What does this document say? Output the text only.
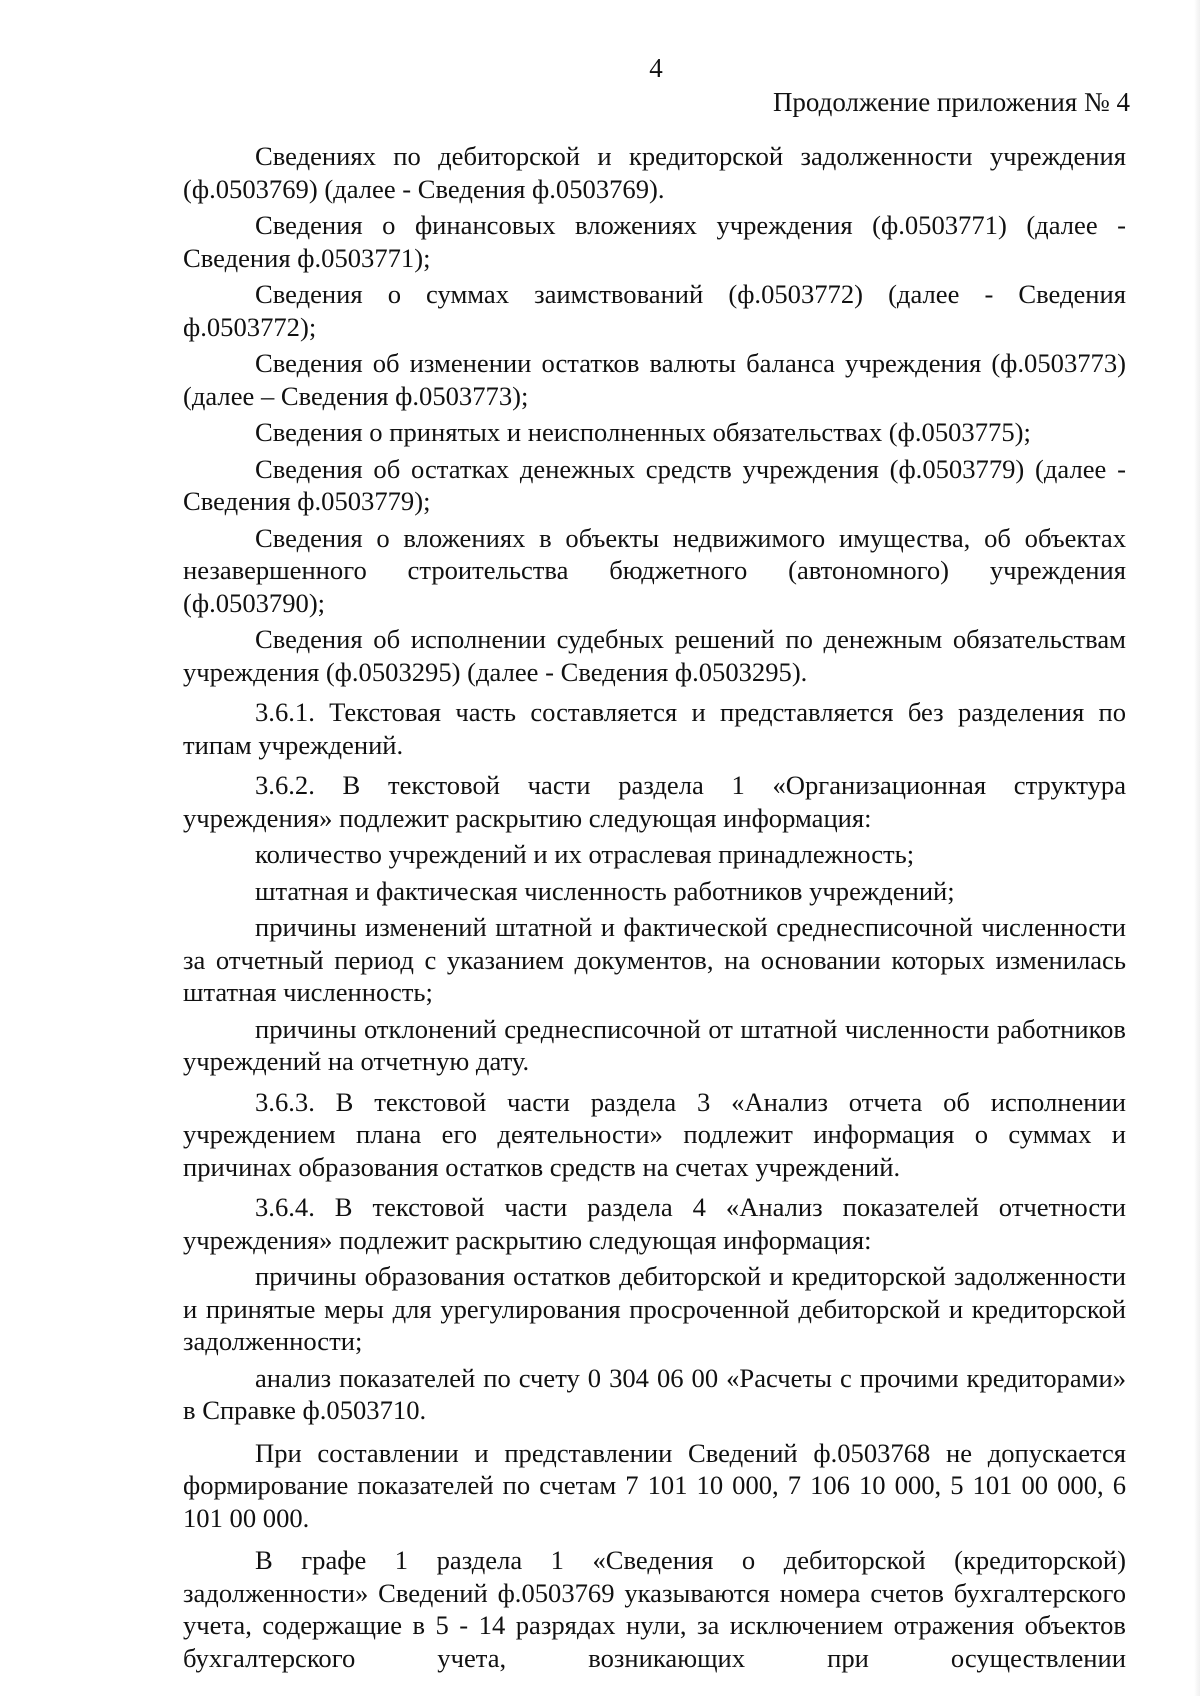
4
Продолжение приложения № 4

Сведениях по дебиторской и кредиторской задолженности учреждения (ф.0503769) (далее - Сведения ф.0503769).

Сведения о финансовых вложениях учреждения (ф.0503771) (далее - Сведения ф.0503771);

Сведения о суммах заимствований (ф.0503772) (далее - Сведения ф.0503772);

Сведения об изменении остатков валюты баланса учреждения (ф.0503773) (далее – Сведения ф.0503773);

Сведения о принятых и неисполненных обязательствах (ф.0503775);

Сведения об остатках денежных средств учреждения (ф.0503779) (далее - Сведения ф.0503779);

Сведения о вложениях в объекты недвижимого имущества, об объектах незавершенного строительства бюджетного (автономного) учреждения (ф.0503790);

Сведения об исполнении судебных решений по денежным обязательствам учреждения (ф.0503295) (далее - Сведения ф.0503295).

3.6.1. Текстовая часть составляется и представляется без разделения по типам учреждений.

3.6.2. В текстовой части раздела 1 «Организационная структура учреждения» подлежит раскрытию следующая информация:

количество учреждений и их отраслевая принадлежность;

штатная и фактическая численность работников учреждений;

причины изменений штатной и фактической среднесписочной численности за отчетный период с указанием документов, на основании которых изменилась штатная численность;

причины отклонений среднесписочной от штатной численности работников учреждений на отчетную дату.

3.6.3. В текстовой части раздела 3 «Анализ отчета об исполнении учреждением плана его деятельности» подлежит информация о суммах и причинах образования остатков средств на счетах учреждений.

3.6.4. В текстовой части раздела 4 «Анализ показателей отчетности учреждения» подлежит раскрытию следующая информация:

причины образования остатков дебиторской и кредиторской задолженности и принятые меры для урегулирования просроченной дебиторской и кредиторской задолженности;

анализ показателей по счету 0 304 06 00 «Расчеты с прочими кредиторами» в Справке ф.0503710.

При составлении и представлении Сведений ф.0503768 не допускается формирование показателей по счетам 7 101 10 000, 7 106 10 000, 5 101 00 000, 6 101 00 000.

В графе 1 раздела 1 «Сведения о дебиторской (кредиторской) задолженности» Сведений ф.0503769 указываются номера счетов бухгалтерского учета, содержащие в 5 - 14 разрядах нули, за исключением отражения объектов бухгалтерского учета, возникающих при осуществлении
